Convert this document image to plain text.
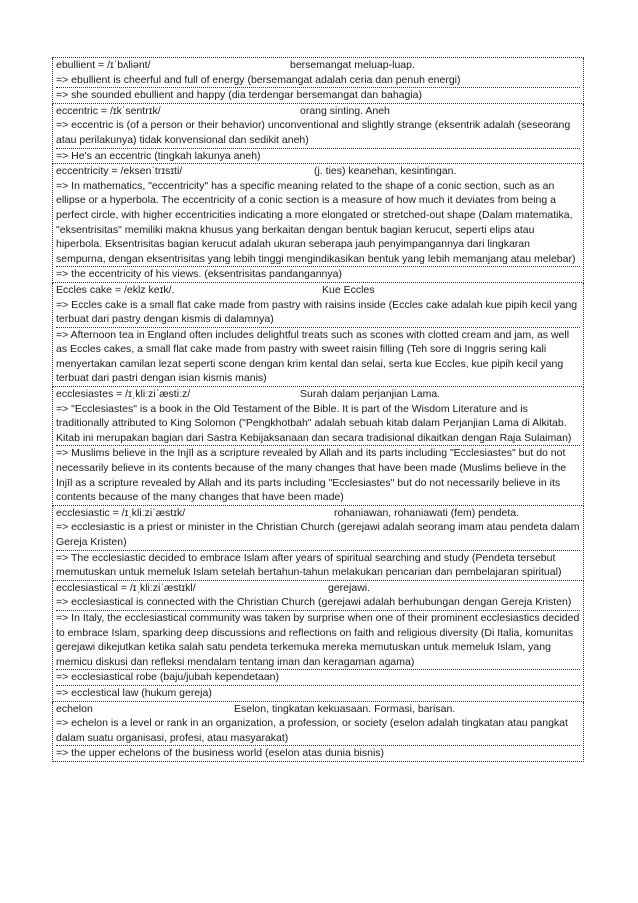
ebullient = /ɪˈbʌliənt/	bersemangat meluap-luap.

=> ebullient is cheerful and full of energy (bersemangat adalah ceria dan penuh energi)

=> she sounded ebullient and happy (dia terdengar bersemangat dan bahagia)

eccentric = /ɪkˈsentrɪk/	orang sinting. Aneh

=> eccentric is (of a person or their behavior) unconventional and slightly strange (eksentrik adalah (seseorang atau perilakunya) tidak konvensional dan sedikit aneh)

=> He's an eccentric (tingkah lakunya aneh)

eccentricity = /eksenˈtrɪsɪti/	(j. ties) keanehan, kesintingan.

=> In mathematics, "eccentricity" has a specific meaning related to the shape of a conic section, such as an ellipse or a hyperbola. The eccentricity of a conic section is a measure of how much it deviates from being a perfect circle, with higher eccentricities indicating a more elongated or stretched-out shape (Dalam matematika, "eksentrisitas" memiliki makna khusus yang berkaitan dengan bentuk bagian kerucut, seperti elips atau hiperbola. Eksentrisitas bagian kerucut adalah ukuran seberapa jauh penyimpangannya dari lingkaran sempurna, dengan eksentrisitas yang lebih tinggi mengindikasikan bentuk yang lebih memanjang atau melebar)

=> the eccentricity of his views. (eksentrisitas pandangannya)

Eccles cake = /eklz keɪk/.	Kue Eccles

=> Eccles cake is a small flat cake made from pastry with raisins inside (Eccles cake adalah kue pipih kecil yang terbuat dari pastry dengan kismis di dalamnya)

=> Afternoon tea in England often includes delightful treats such as scones with clotted cream and jam, as well as Eccles cakes, a small flat cake made from pastry with sweet raisin filling (Teh sore di Inggris sering kali menyertakan camilan lezat seperti scone dengan krim kental dan selai, serta kue Eccles, kue pipih kecil yang terbuat dari pastri dengan isian kismis manis)

ecclesiastes = /ɪˌkliːziˈæstiːz/	Surah dalam perjanjian Lama.

=> "Ecclesiastes" is a book in the Old Testament of the Bible. It is part of the Wisdom Literature and is traditionally attributed to King Solomon ("Pengkhotbah" adalah sebuah kitab dalam Perjanjian Lama di Alkitab. Kitab ini merupakan bagian dari Sastra Kebijaksanaan dan secara tradisional dikaitkan dengan Raja Sulaiman)

=> Muslims believe in the Injīl as a scripture revealed by Allah and its parts including "Ecclesiastes" but do not necessarily believe in its contents because of the many changes that have been made (Muslims believe in the Injīl as a scripture revealed by Allah and its parts including "Ecclesiastes" but do not necessarily believe in its contents because of the many changes that have been made)

ecclesiastic = /ɪˌkliːziˈæstɪk/	rohaniawan, rohaniawati (fem) pendeta.

=> ecclesiastic is a priest or minister in the Christian Church (gerejawi adalah seorang imam atau pendeta dalam Gereja Kristen)

=> The ecclesiastic decided to embrace Islam after years of spiritual searching and study (Pendeta tersebut memutuskan untuk memeluk Islam setelah bertahun-tahun melakukan pencarian dan pembelajaran spiritual)

ecclesiastical = /ɪˌkliːziˈæstɪkl/	gerejawi.

=> ecclesiastical is connected with the Christian Church (gerejawi adalah berhubungan dengan Gereja Kristen)

=> In Italy, the ecclesiastical community was taken by surprise when one of their prominent ecclesiastics decided to embrace Islam, sparking deep discussions and reflections on faith and religious diversity (Di Italia, komunitas gerejawi dikejutkan ketika salah satu pendeta terkemuka mereka memutuskan untuk memeluk Islam, yang memicu diskusi dan refleksi mendalam tentang iman dan keragaman agama)

=> ecclesiastical robe (baju/jubah kependetaan)

=> ecclestical law (hukum gereja)

echelon	Eselon, tingkatan kekuasaan. Formasi, barisan.

=> echelon is a level or rank in an organization, a profession, or society (eselon adalah tingkatan atau pangkat dalam suatu organisasi, profesi, atau masyarakat)

=> the upper echelons of the business world (eselon atas dunia bisnis)
